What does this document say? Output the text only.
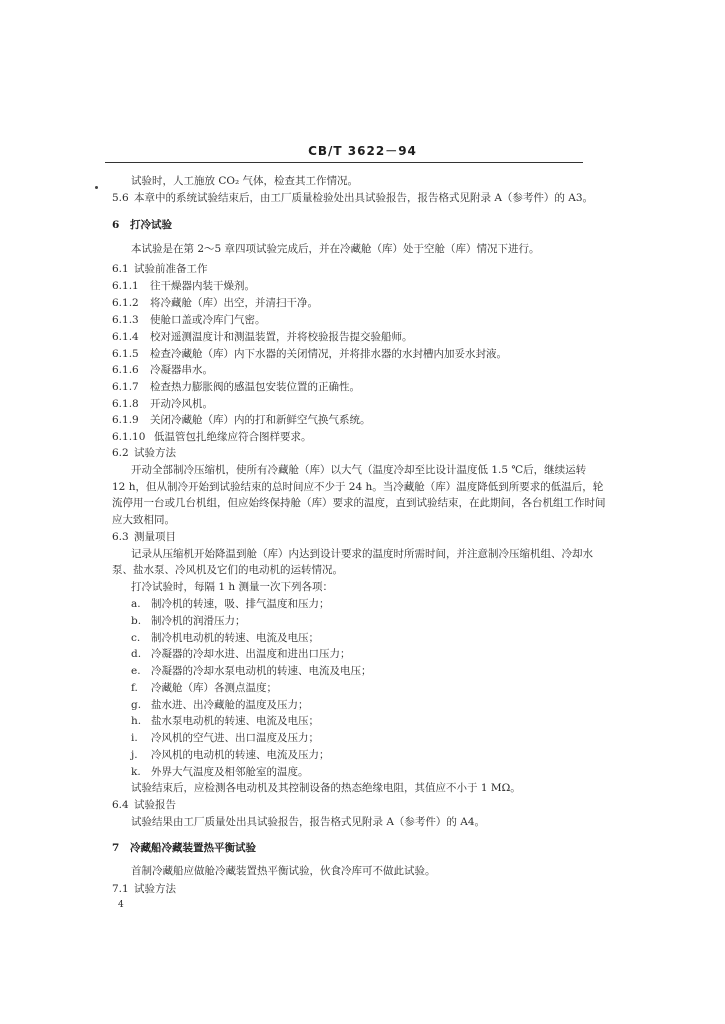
CB/T 3622－94
试验时，人工施放 CO₂ 气体，检查其工作情况。
5.6 本章中的系统试验结束后，由工厂质量检验处出具试验报告，报告格式见附录 A（参考件）的 A3。
6 打冷试验
本试验是在第 2～5 章四项试验完成后，并在冷藏舱（库）处于空舱（库）情况下进行。
6.1 试验前准备工作
6.1.1 往干燥器内装干燥剂。
6.1.2 将冷藏舱（库）出空，并清扫干净。
6.1.3 使舱口盖或冷库门气密。
6.1.4 校对遥测温度计和测温装置，并将校验报告提交验船师。
6.1.5 检查冷藏舱（库）内下水器的关闭情况，并将排水器的水封槽内加妥水封液。
6.1.6 冷凝器串水。
6.1.7 检查热力膨胀阀的感温包安装位置的正确性。
6.1.8 开动冷风机。
6.1.9 关闭冷藏舱（库）内的打和新鲜空气换气系统。
6.1.10 低温管包扎绝缘应符合图样要求。
6.2 试验方法
开动全部制冷压缩机，使所有冷藏舱（库）以大气（温度冷却至比设计温度低 1.5 ℃后，继续运转
12 h，但从制冷开始到试验结束的总时间应不少于 24 h。当冷藏舱（库）温度降低到所要求的低温后，轮
流停用一台或几台机组，但应始终保持舱（库）要求的温度，直到试验结束，在此期间，各台机组工作时间
应大致相同。
6.3 测量项目
记录从压缩机开始降温到舱（库）内达到设计要求的温度时所需时间，并注意制冷压缩机组、冷却水
泵、盐水泵、冷风机及它们的电动机的运转情况。
打冷试验时，每隔 1 h 测量一次下列各项：
a. 制冷机的转速，吸、排气温度和压力；
b. 制冷机的润滑压力；
c. 制冷机电动机的转速、电流及电压；
d. 冷凝器的冷却水进、出温度和进出口压力；
e. 冷凝器的冷却水泵电动机的转速、电流及电压；
f. 冷藏舱（库）各测点温度；
g. 盐水进、出冷藏舱的温度及压力；
h. 盐水泵电动机的转速、电流及电压；
i. 冷风机的空气进、出口温度及压力；
j. 冷风机的电动机的转速、电流及压力；
k. 外界大气温度及相邻舱室的温度。
试验结束后，应检测各电动机及其控制设备的热态绝缘电阻，其值应不小于 1 MΩ。
6.4 试验报告
试验结果由工厂质量处出具试验报告，报告格式见附录 A（参考件）的 A4。
7 冷藏船冷藏装置热平衡试验
首制冷藏船应做舱冷藏装置热平衡试验，伙食冷库可不做此试验。
7.1 试验方法
4
